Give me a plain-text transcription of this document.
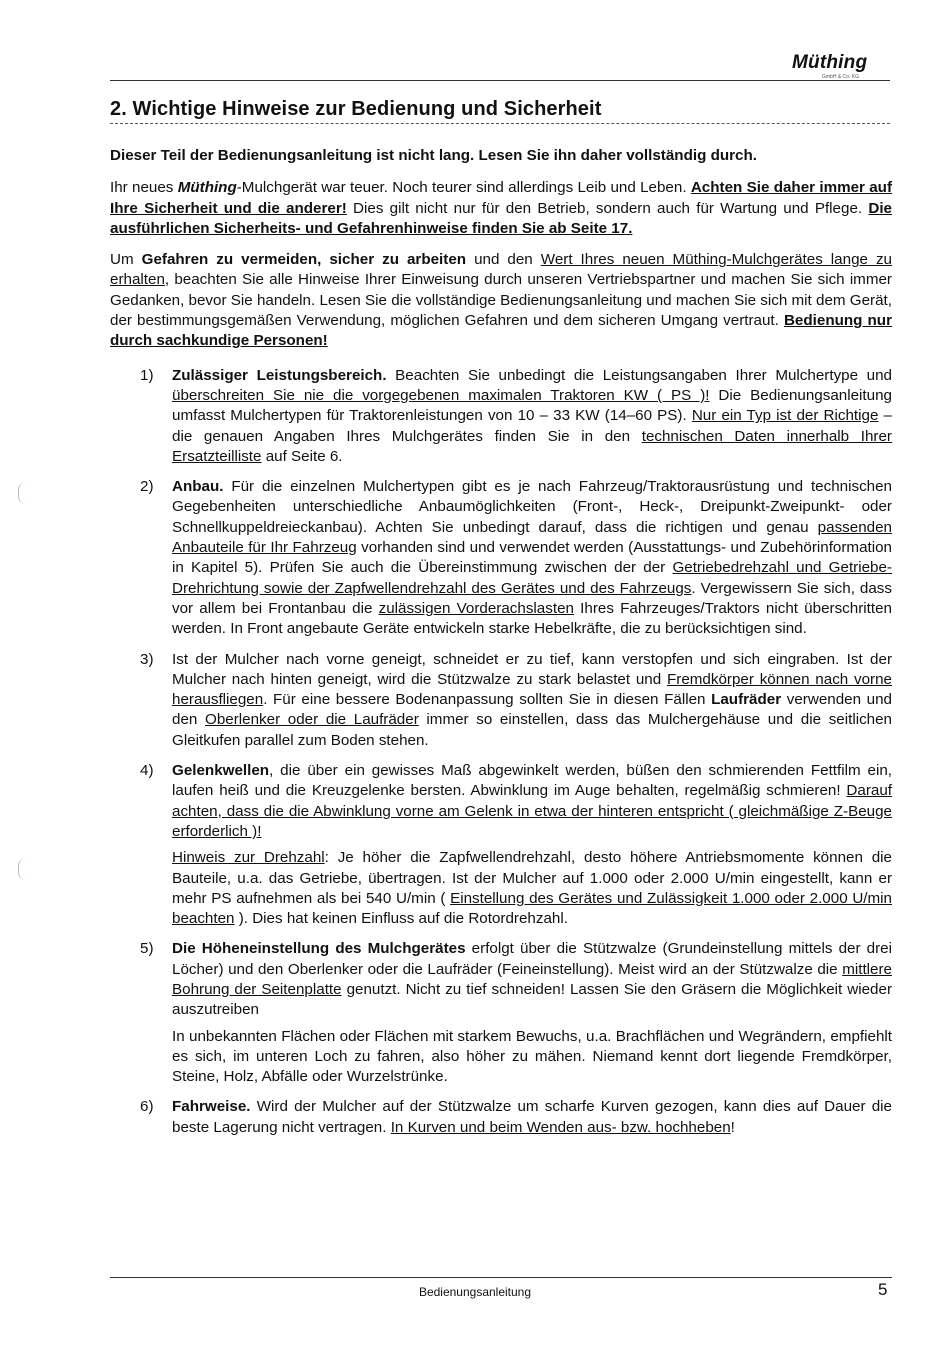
Müthing
GmbH & Co. KG
2. Wichtige Hinweise zur Bedienung und Sicherheit

Dieser Teil der Bedienungsanleitung ist nicht lang. Lesen Sie ihn daher vollständig durch.

Ihr neues Müthing-Mulchgerät war teuer. Noch teurer sind allerdings Leib und Leben. Achten Sie daher immer auf Ihre Sicherheit und die anderer! Dies gilt nicht nur für den Betrieb, sondern auch für Wartung und Pflege. Die ausführlichen Sicherheits- und Gefahrenhinweise finden Sie ab Seite 17.

Um Gefahren zu vermeiden, sicher zu arbeiten und den Wert Ihres neuen Müthing-Mulchgerätes lange zu erhalten, beachten Sie alle Hinweise Ihrer Einweisung durch unseren Vertriebspartner und machen Sie sich immer Gedanken, bevor Sie handeln. Lesen Sie die vollständige Bedienungsanleitung und machen Sie sich mit dem Gerät, der bestimmungsgemäßen Verwendung, möglichen Gefahren und dem sicheren Umgang vertraut. Bedienung nur durch sachkundige Personen!

1) Zulässiger Leistungsbereich. Beachten Sie unbedingt die Leistungsangaben Ihrer Mulchertype und überschreiten Sie nie die vorgegebenen maximalen Traktoren KW ( PS )! Die Bedienungsanleitung umfasst Mulchertypen für Traktorenleistungen von 10 – 33 KW (14–60 PS). Nur ein Typ ist der Richtige – die genauen Angaben Ihres Mulchgerätes finden Sie in den technischen Daten innerhalb Ihrer Ersatzteilliste auf Seite 6.

2) Anbau. Für die einzelnen Mulchertypen gibt es je nach Fahrzeug/Traktorausrüstung und technischen Gegebenheiten unterschiedliche Anbaumöglichkeiten (Front-, Heck-, Dreipunkt-Zweipunkt- oder Schnellkuppeldreieckanbau). Achten Sie unbedingt darauf, dass die richtigen und genau passenden Anbauteile für Ihr Fahrzeug vorhanden sind und verwendet werden (Ausstattungs- und Zubehörinformation in Kapitel 5). Prüfen Sie auch die Übereinstimmung zwischen der der Getriebedrehzahl und Getriebe-Drehrichtung sowie der Zapfwellendrehzahl des Gerätes und des Fahrzeugs. Vergewissern Sie sich, dass vor allem bei Frontanbau die zulässigen Vorderachslasten Ihres Fahrzeuges/Traktors nicht überschritten werden. In Front angebaute Geräte entwickeln starke Hebelkräfte, die zu berücksichtigen sind.

3) Ist der Mulcher nach vorne geneigt, schneidet er zu tief, kann verstopfen und sich eingraben. Ist der Mulcher nach hinten geneigt, wird die Stützwalze zu stark belastet und Fremdkörper können nach vorne herausfliegen. Für eine bessere Bodenanpassung sollten Sie in diesen Fällen Laufräder verwenden und den Oberlenker oder die Laufräder immer so einstellen, dass das Mulchergehäuse und die seitlichen Gleitkufen parallel zum Boden stehen.

4) Gelenkwellen, die über ein gewisses Maß abgewinkelt werden, büßen den schmierenden Fettfilm ein, laufen heiß und die Kreuzgelenke bersten. Abwinklung im Auge behalten, regelmäßig schmieren! Darauf achten, dass die die Abwinklung vorne am Gelenk in etwa der hinteren entspricht ( gleichmäßige Z-Beuge erforderlich )!

Hinweis zur Drehzahl: Je höher die Zapfwellendrehzahl, desto höhere Antriebsmomente können die Bauteile, u.a. das Getriebe, übertragen. Ist der Mulcher auf 1.000 oder 2.000 U/min eingestellt, kann er mehr PS aufnehmen als bei 540 U/min ( Einstellung des Gerätes und Zulässigkeit 1.000 oder 2.000 U/min beachten ). Dies hat keinen Einfluss auf die Rotordrehzahl.

5) Die Höheneinstellung des Mulchgerätes erfolgt über die Stützwalze (Grundeinstellung mittels der drei Löcher) und den Oberlenker oder die Laufräder (Feineinstellung). Meist wird an der Stützwalze die mittlere Bohrung der Seitenplatte genutzt. Nicht zu tief schneiden! Lassen Sie den Gräsern die Möglichkeit wieder auszutreiben

In unbekannten Flächen oder Flächen mit starkem Bewuchs, u.a. Brachflächen und Wegrändern, empfiehlt es sich, im unteren Loch zu fahren, also höher zu mähen. Niemand kennt dort liegende Fremdkörper, Steine, Holz, Abfälle oder Wurzelstrünke.

6) Fahrweise. Wird der Mulcher auf der Stützwalze um scharfe Kurven gezogen, kann dies auf Dauer die beste Lagerung nicht vertragen. In Kurven und beim Wenden aus- bzw. hochheben!

Bedienungsanleitung	5
